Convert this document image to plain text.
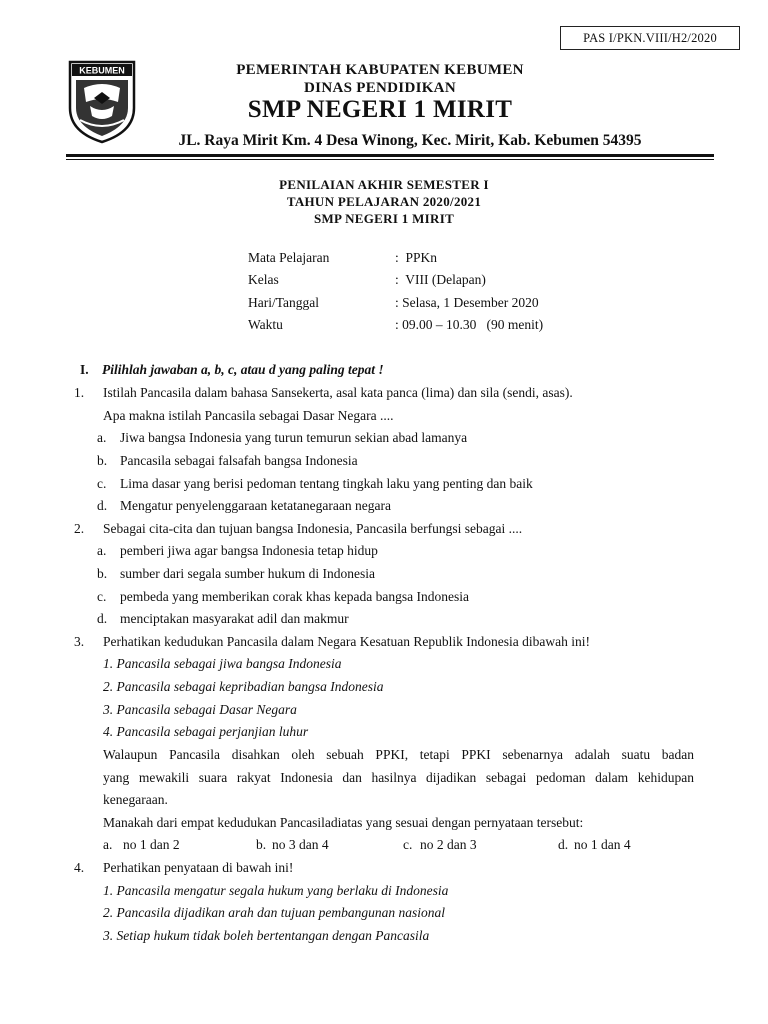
PAS I/PKN.VIII/H2/2020
KEBUMEN	PEMERINTAH KABUPATEN KEBUMEN
DINAS PENDIDIKAN
SMP NEGERI 1 MIRIT
JL. Raya Mirit Km. 4 Desa Winong, Kec. Mirit, Kab. Kebumen 54395
PENILAIAN AKHIR SEMESTER I
TAHUN PELAJARAN 2020/2021
SMP NEGERI 1 MIRIT
Mata Pelajaran	:  PPKn
Kelas	:  VIII (Delapan)
Hari/Tanggal	: Selasa, 1 Desember 2020
Waktu	: 09.00 – 10.30   (90 menit)
I. Pilihlah jawaban a, b, c, atau d yang paling tepat !
1. Istilah Pancasila dalam bahasa Sansekerta, asal kata panca (lima) dan sila (sendi, asas).
Apa makna istilah Pancasila sebagai Dasar Negara ....
a. Jiwa bangsa Indonesia yang turun temurun sekian abad lamanya
b. Pancasila sebagai falsafah bangsa Indonesia
c. Lima dasar yang berisi pedoman tentang tingkah laku yang penting dan baik
d. Mengatur penyelenggaraan ketatanegaraan negara
2. Sebagai cita-cita dan tujuan bangsa Indonesia, Pancasila berfungsi sebagai ....
a. pemberi jiwa agar bangsa Indonesia tetap hidup
b. sumber dari segala sumber hukum di Indonesia
c. pembeda yang memberikan corak khas kepada bangsa Indonesia
d. menciptakan masyarakat adil dan makmur
3. Perhatikan kedudukan Pancasila dalam Negara Kesatuan Republik Indonesia dibawah ini!
1. Pancasila sebagai jiwa bangsa Indonesia
2. Pancasila sebagai kepribadian bangsa Indonesia
3. Pancasila sebagai Dasar Negara
4. Pancasila sebagai perjanjian luhur
Walaupun Pancasila disahkan oleh sebuah PPKI, tetapi PPKI sebenarnya adalah suatu badan
yang mewakili suara rakyat Indonesia dan hasilnya dijadikan sebagai pedoman dalam kehidupan
kenegaraan.
Manakah dari empat kedudukan Pancasiladiatas yang sesuai dengan pernyataan tersebut:
a. no 1 dan 2	b. no 3 dan 4	c. no 2 dan 3	d. no 1 dan 4
4. Perhatikan penyataan di bawah ini!
1. Pancasila mengatur segala hukum yang berlaku di Indonesia
2. Pancasila dijadikan arah dan tujuan pembangunan nasional
3. Setiap hukum tidak boleh bertentangan dengan Pancasila
